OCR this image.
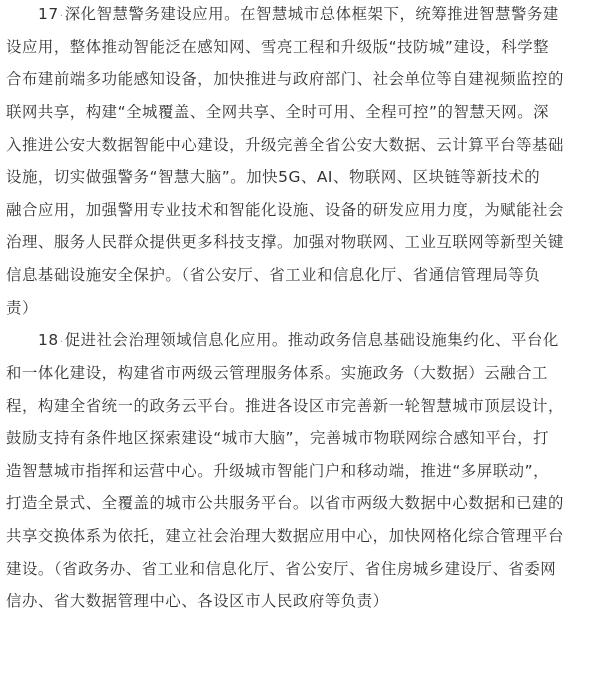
17.深化智慧警务建设应用。在智慧城市总体框架下，统筹推进智慧警务建
设应用，整体推动智能泛在感知网、雪亮工程和升级版“技防城”建设，科学整
合布建前端多功能感知设备，加快推进与政府部门、社会单位等自建视频监控的
联网共享，构建“全城覆盖、全网共享、全时可用、全程可控”的智慧天网。深
入推进公安大数据智能中心建设，升级完善全省公安大数据、云计算平台等基础
设施，切实做强警务“智慧大脑”。加快5G、AI、物联网、区块链等新技术的
融合应用，加强警用专业技术和智能化设施、设备的研发应用力度，为赋能社会
治理、服务人民群众提供更多科技支撑。加强对物联网、工业互联网等新型关键
信息基础设施安全保护。（省公安厅、省工业和信息化厅、省通信管理局等负
责）

18.促进社会治理领域信息化应用。推动政务信息基础设施集约化、平台化
和一体化建设，构建省市两级云管理服务体系。实施政务（大数据）云融合工
程，构建全省统一的政务云平台。推进各设区市完善新一轮智慧城市顶层设计，
鼓励支持有条件地区探索建设“城市大脑”，完善城市物联网综合感知平台，打
造智慧城市指挥和运营中心。升级城市智能门户和移动端，推进“多屏联动”，
打造全景式、全覆盖的城市公共服务平台。以省市两级大数据中心数据和已建的
共享交换体系为依托，建立社会治理大数据应用中心，加快网格化综合管理平台
建设。（省政务办、省工业和信息化厅、省公安厅、省住房城乡建设厅、省委网
信办、省大数据管理中心、各设区市人民政府等负责）
